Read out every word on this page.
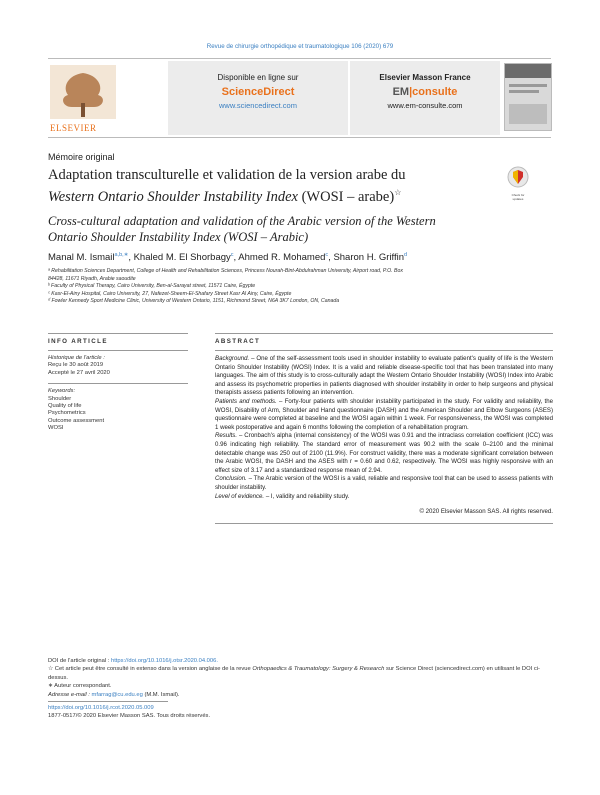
Revue de chirurgie orthopédique et traumatologique 106 (2020) 679
ELSEVIER
Disponible en ligne sur
ScienceDirect
www.sciencedirect.com
Elsevier Masson France
EM|consulte
www.em-consulte.com
Mémoire original
Adaptation transculturelle et validation de la version arabe du
Western Ontario Shoulder Instability Index (WOSI – arabe)☆	Check for updates
Cross-cultural adaptation and validation of the Arabic version of the Western
Ontario Shoulder Instability Index (WOSI – Arabic)
Manal M. Ismail$^{a,b,∗}$, Khaled M. El Shorbagy$^c$, Ahmed R. Mohamed$^c$, Sharon H. Griffin$^d$
ᵃ Rehabilitation Sciences Department, College of Health and Rehabilitation Sciences, Princess Nourah-Bint-Abdulrahman University, Airport road, P.O. Box
84428, 11671 Riyadh, Arabie saoudite
ᵇ Faculty of Physical Therapy, Cairo University, Ben-al-Sarayat street, 11571 Caire, Égypte
ᶜ Kasr-El-Ainy Hospital, Cairo University, 27, Nafezet-Sheem-El-Shafary Street Kasr Al Ainy, Caire, Égypte
ᵈ Fowler Kennedy Sport Medicine Clinic, University of Western Ontario, 1151, Richmond Street, N6A 3K7 London, ON, Canada
INFO ARTICLE
Historique de l'article :
Reçu le 30 août 2019
Accepté le 27 avril 2020
Keywords:
Shoulder
Quality of life
Psychometrics
Outcome assessment
WOSI
ABSTRACT
Background. – One of the self-assessment tools used in shoulder instability to evaluate patient's quality of life is the Western Ontario Shoulder Instability (WOSI) Index. It is a valid and reliable disease-specific tool that has been translated into many languages. The aim of this study is to cross-culturally adapt the Western Ontario Shoulder Instability (WOSI) Index into Arabic and assess its psychometric properties in patients diagnosed with shoulder instability in order to help surgeons and physical therapists assess patients following an intervention.
Patients and methods. – Forty-four patients with shoulder instability participated in the study. For validity and reliability, the WOSI, Disability of Arm, Shoulder and Hand questionnaire (DASH) and the American Shoulder and Elbow Surgeons (ASES) questionnaire were completed at baseline and the WOSI again within 1 week. For responsiveness, the WOSI was completed 1 week postoperative and again 6 months following the completion of a rehabilitation program.
Results. – Cronbach's alpha (internal consistency) of the WOSI was 0.91 and the intraclass correlation coefficient (ICC) was 0.96 indicating high reliability. The standard error of measurement was 90.2 with the scale 0–2100 and the minimal detectable change was 250 out of 2100 (11.9%). For construct validity, there was a moderate significant correlation between the Arabic WOSI, the DASH and the ASES with r = 0.60 and 0.62, respectively. The WOSI was highly responsive with an effect size of 3.17 and a standardized response mean of 2.94.
Conclusion. – The Arabic version of the WOSI is a valid, reliable and responsive tool that can be used to assess patients with shoulder instability.
Level of evidence. – I, validity and reliability study.
© 2020 Elsevier Masson SAS. All rights reserved.
DOI de l'article original : https://doi.org/10.1016/j.otsr.2020.04.006.
☆ Cet article peut être consulté in extenso dans la version anglaise de la revue Orthopaedics & Traumatology: Surgery & Research sur Science Direct (sciencedirect.com) en utilisant le DOI ci-dessus.
∗ Auteur correspondant.
Adresse e-mail : mfarrag@cu.edu.eg (M.M. Ismail).
https://doi.org/10.1016/j.rcot.2020.05.009
1877-0517/© 2020 Elsevier Masson SAS. Tous droits réservés.
